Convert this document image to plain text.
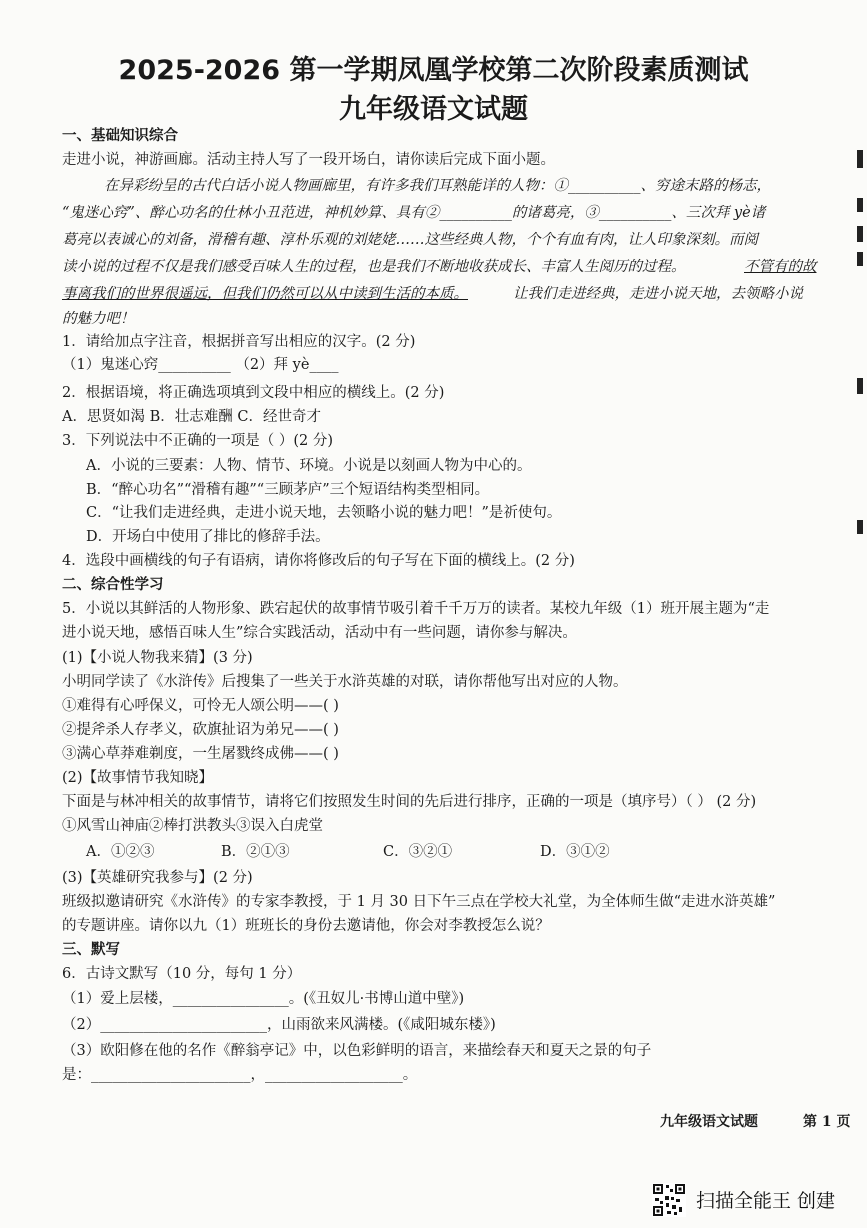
2025-2026 第一学期凤凰学校第二次阶段素质测试
九年级语文试题
一、基础知识综合
走进小说，神游画廊。活动主持人写了一段开场白，请你读后完成下面小题。
在异彩纷呈的古代白话小说人物画廊里，有许多我们耳熟能详的人物：①__________、穷途末路的杨志，
“鬼迷心窍”、醉心功名的仕林小丑范进，神机妙算、具有②__________的诸葛亮，③__________、三次拜 yè诸
葛亮以表诚心的刘备，滑稽有趣、淳朴乐观的刘姥姥……这些经典人物，个个有血有肉，让人印象深刻。而阅
读小说的过程不仅是我们感受百味人生的过程，也是我们不断地收获成长、丰富人生阅历的过程。	不管有的故
事离我们的世界很遥远，但我们仍然可以从中读到生活的本质。	让我们走进经典，走进小说天地，去领略小说
的魅力吧！
1．请给加点字注音，根据拼音写出相应的汉字。(2 分)
（1）鬼迷心窍__________ （2）拜 yè____
2．根据语境，将正确选项填到文段中相应的横线上。(2 分)
A．思贤如渴 B．壮志难酬 C．经世奇才
3．下列说法中不正确的一项是（ ）(2 分)
A．小说的三要素：人物、情节、环境。小说是以刻画人物为中心的。
B．“醉心功名”“滑稽有趣”“三顾茅庐”三个短语结构类型相同。
C．“让我们走进经典，走进小说天地，去领略小说的魅力吧！”是祈使句。
D．开场白中使用了排比的修辞手法。
4．选段中画横线的句子有语病，请你将修改后的句子写在下面的横线上。(2 分)
二、综合性学习
5．小说以其鲜活的人物形象、跌宕起伏的故事情节吸引着千千万万的读者。某校九年级（1）班开展主题为“走
进小说天地，感悟百味人生”综合实践活动，活动中有一些问题，请你参与解决。
(1)【小说人物我来猜】(3 分)
小明同学读了《水浒传》后搜集了一些关于水浒英雄的对联，请你帮他写出对应的人物。
①难得有心呼保义，可怜无人颂公明——( )
②提斧杀人存孝义，砍旗扯诏为弟兄——( )
③满心草莽难剃度，一生屠戮终成佛——( )
(2)【故事情节我知晓】
下面是与林冲相关的故事情节，请将它们按照发生时间的先后进行排序，正确的一项是（填序号）（ ） (2 分)
①风雪山神庙②棒打洪教头③误入白虎堂
A．①②③	B．②①③	C．③②①	D．③①②
(3)【英雄研究我参与】(2 分)
班级拟邀请研究《水浒传》的专家李教授，于 1 月 30 日下午三点在学校大礼堂，为全体师生做“走进水浒英雄”
的专题讲座。请你以九（1）班班长的身份去邀请他，你会对李教授怎么说？
三、默写
6．古诗文默写（10 分，每句 1 分）
（1）爱上层楼，________________。(《丑奴儿·书博山道中壁》)
（2）_______________________，山雨欲来风满楼。(《咸阳城东楼》)
（3）欧阳修在他的名作《醉翁亭记》中，以色彩鲜明的语言，来描绘春天和夏天之景的句子
是：______________________，___________________。
九年级语文试题	第 1 页
扫描全能王 创建
